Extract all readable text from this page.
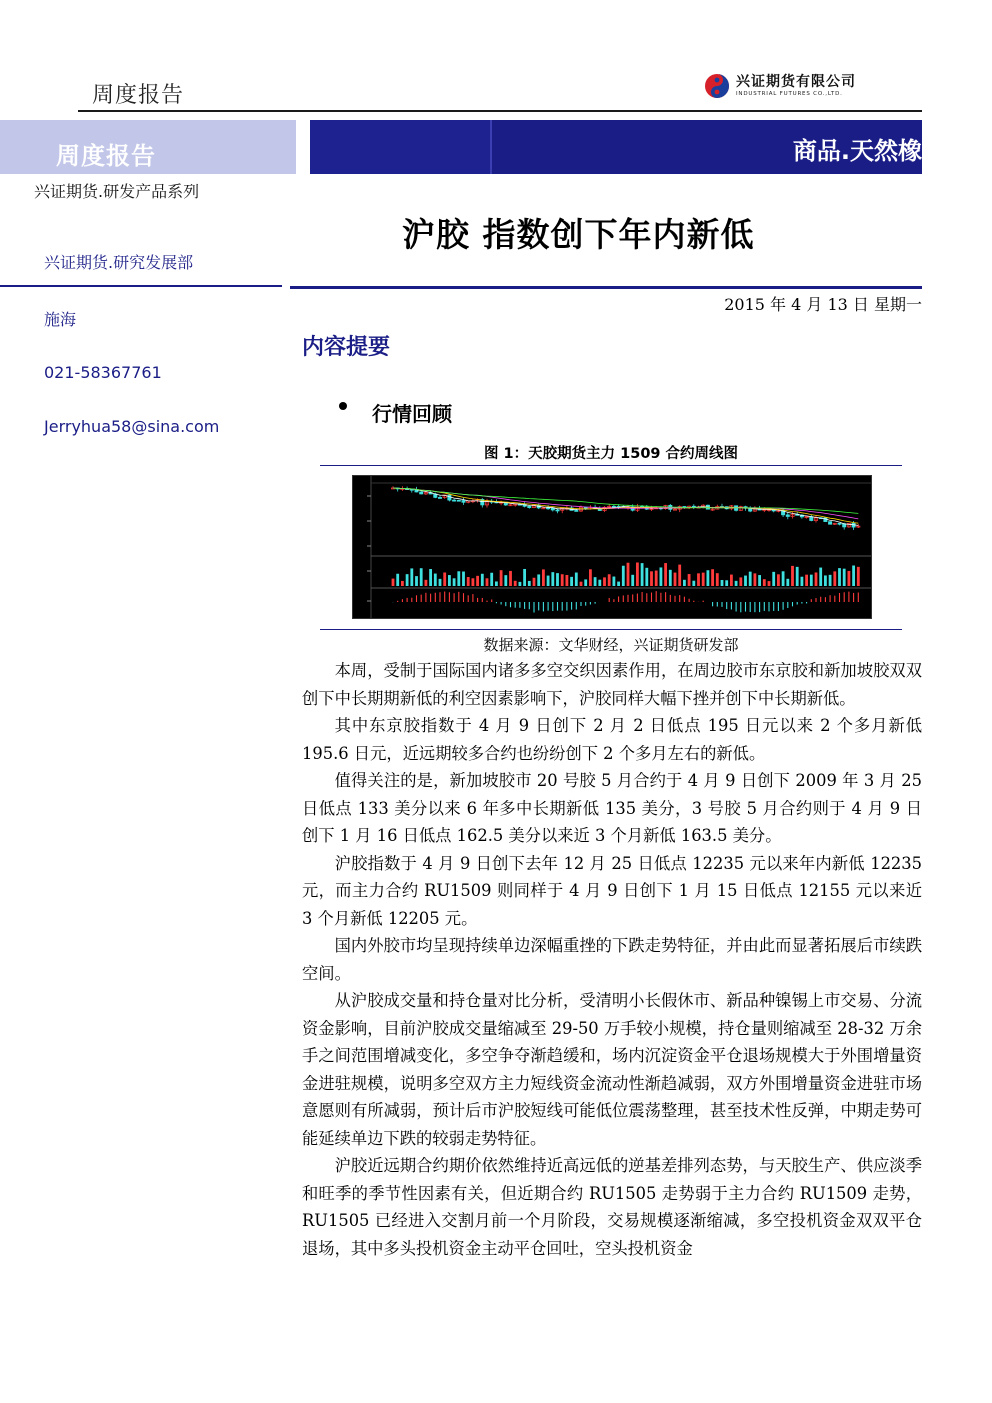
周度报告
兴证期货有限公司
INDUSTRIAL FUTURES CO.,LTD.
周度报告	商品.天然橡胶
兴证期货.研发产品系列
兴证期货.研究发展部
施海
021-58367761
Jerryhua58@sina.com
沪胶 指数创下年内新低
2015 年 4 月 13 日 星期一
内容提要
行情回顾
图 1：天胶期货主力 1509 合约周线图
数据来源：文华财经，兴证期货研发部

本周，受制于国际国内诸多多空交织因素作用，在周边胶市东京胶和新加坡胶双双创下中长期期新低的利空因素影响下，沪胶同样大幅下挫并创下中长期新低。

其中东京胶指数于 4 月 9 日创下 2 月 2 日低点 195 日元以来 2 个多月新低 195.6 日元，近远期较多合约也纷纷创下 2 个多月左右的新低。

值得关注的是，新加坡胶市 20 号胶 5 月合约于 4 月 9 日创下 2009 年 3 月 25 日低点 133 美分以来 6 年多中长期新低 135 美分，3 号胶 5 月合约则于 4 月 9 日创下 1 月 16 日低点 162.5 美分以来近 3 个月新低 163.5 美分。

沪胶指数于 4 月 9 日创下去年 12 月 25 日低点 12235 元以来年内新低 12235 元，而主力合约 RU1509 则同样于 4 月 9 日创下 1 月 15 日低点 12155 元以来近 3 个月新低 12205 元。

国内外胶市均呈现持续单边深幅重挫的下跌走势特征，并由此而显著拓展后市续跌空间。

从沪胶成交量和持仓量对比分析，受清明小长假休市、新品种镍锡上市交易、分流资金影响，目前沪胶成交量缩减至 29-50 万手较小规模，持仓量则缩减至 28-32 万余手之间范围增减变化，多空争夺渐趋缓和，场内沉淀资金平仓退场规模大于外围增量资金进驻规模，说明多空双方主力短线资金流动性渐趋减弱，双方外围增量资金进驻市场意愿则有所减弱，预计后市沪胶短线可能低位震荡整理，甚至技术性反弹，中期走势可能延续单边下跌的较弱走势特征。

沪胶近远期合约期价依然维持近高远低的逆基差排列态势，与天胶生产、供应淡季和旺季的季节性因素有关，但近期合约 RU1505 走势弱于主力合约 RU1509 走势，RU1505 已经进入交割月前一个月阶段，交易规模逐渐缩减，多空投机资金双双平仓退场，其中多头投机资金主动平仓回吐，空头投机资金
